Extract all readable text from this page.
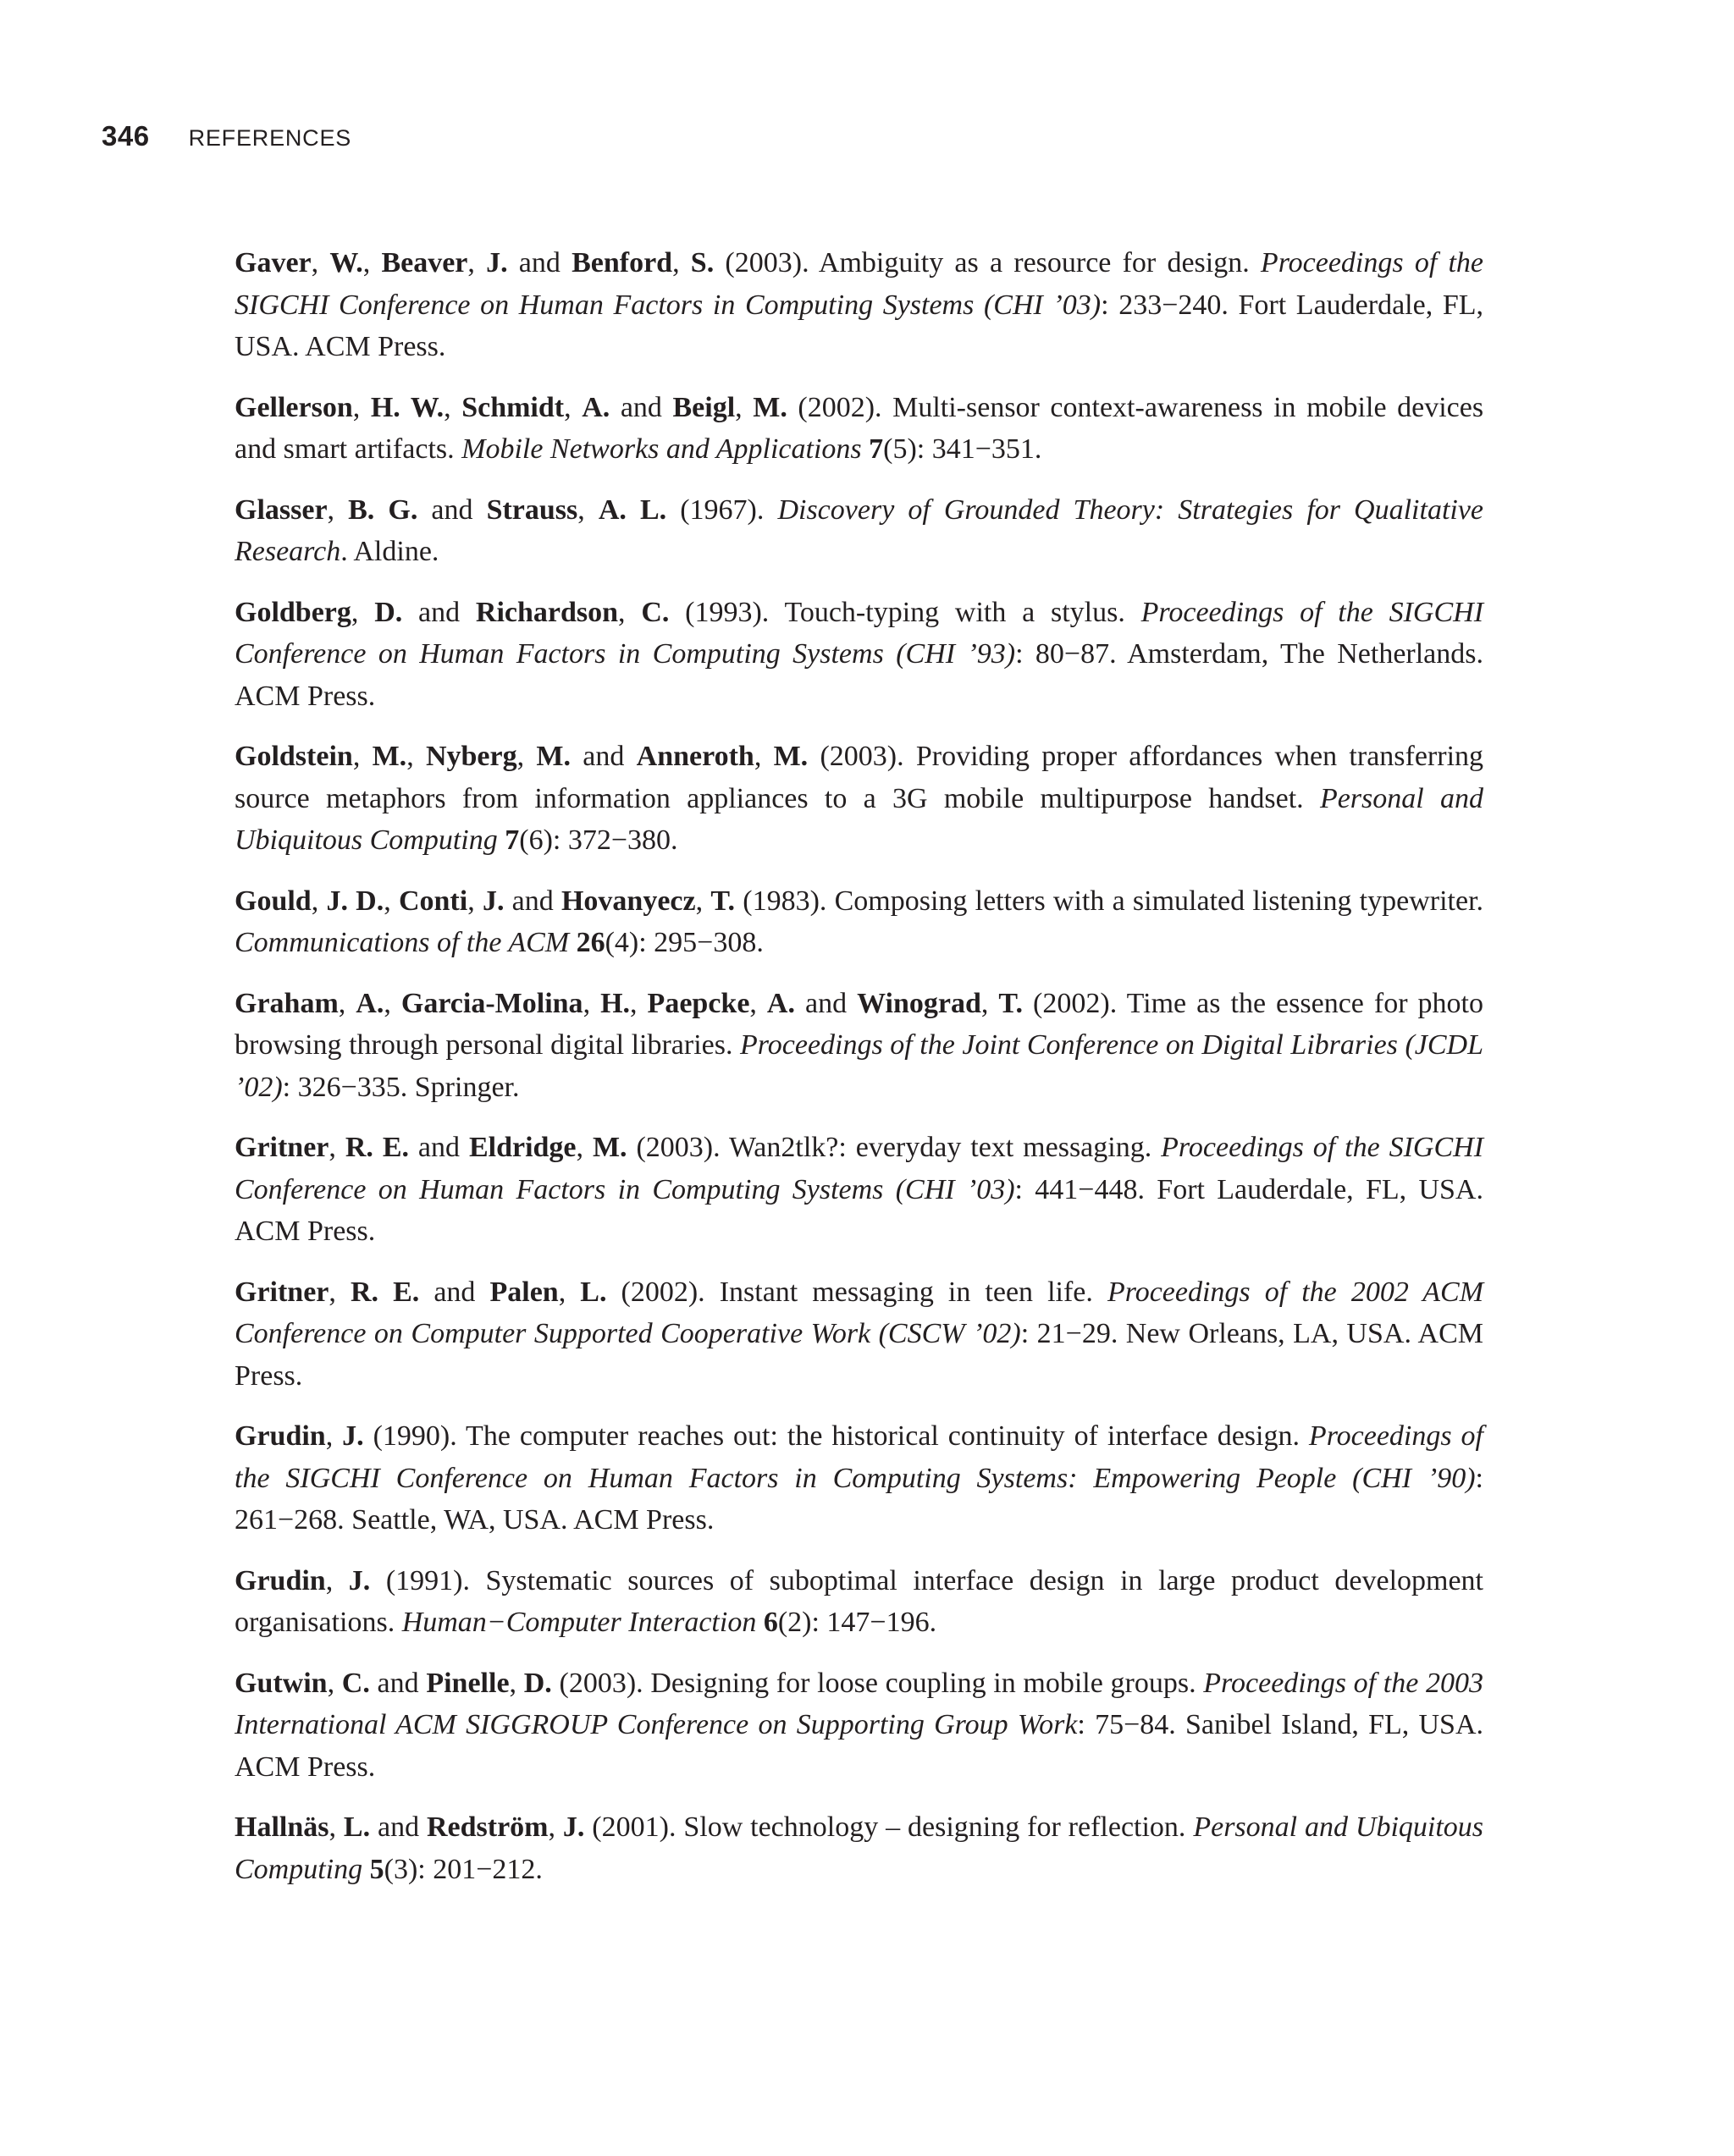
346 REFERENCES

Gaver, W., Beaver, J. and Benford, S. (2003). Ambiguity as a resource for design. Proceedings of the SIGCHI Conference on Human Factors in Computing Systems (CHI ’03): 233−240. Fort Lauderdale, FL, USA. ACM Press.

Gellerson, H. W., Schmidt, A. and Beigl, M. (2002). Multi-sensor context-awareness in mobile devices and smart artifacts. Mobile Networks and Applications 7(5): 341−351.

Glasser, B. G. and Strauss, A. L. (1967). Discovery of Grounded Theory: Strategies for Qualitative Research. Aldine.

Goldberg, D. and Richardson, C. (1993). Touch-typing with a stylus. Proceedings of the SIGCHI Conference on Human Factors in Computing Systems (CHI ’93): 80−87. Amsterdam, The Netherlands. ACM Press.

Goldstein, M., Nyberg, M. and Anneroth, M. (2003). Providing proper affordances when transferring source metaphors from information appliances to a 3G mobile multipurpose handset. Personal and Ubiquitous Computing 7(6): 372−380.

Gould, J. D., Conti, J. and Hovanyecz, T. (1983). Composing letters with a simulated listening typewriter. Communications of the ACM 26(4): 295−308.

Graham, A., Garcia-Molina, H., Paepcke, A. and Winograd, T. (2002). Time as the essence for photo browsing through personal digital libraries. Proceedings of the Joint Conference on Digital Libraries (JCDL ’02): 326−335. Springer.

Gritner, R. E. and Eldridge, M. (2003). Wan2tlk?: everyday text messaging. Proceedings of the SIGCHI Conference on Human Factors in Computing Systems (CHI ’03): 441−448. Fort Lauderdale, FL, USA. ACM Press.

Gritner, R. E. and Palen, L. (2002). Instant messaging in teen life. Proceedings of the 2002 ACM Conference on Computer Supported Cooperative Work (CSCW ’02): 21−29. New Orleans, LA, USA. ACM Press.

Grudin, J. (1990). The computer reaches out: the historical continuity of interface design. Proceedings of the SIGCHI Conference on Human Factors in Computing Systems: Empowering People (CHI ’90): 261−268. Seattle, WA, USA. ACM Press.

Grudin, J. (1991). Systematic sources of suboptimal interface design in large product development organisations. Human−Computer Interaction 6(2): 147−196.

Gutwin, C. and Pinelle, D. (2003). Designing for loose coupling in mobile groups. Proceedings of the 2003 International ACM SIGGROUP Conference on Supporting Group Work: 75−84. Sanibel Island, FL, USA. ACM Press.

Hallnäs, L. and Redström, J. (2001). Slow technology – designing for reflection. Personal and Ubiquitous Computing 5(3): 201−212.
